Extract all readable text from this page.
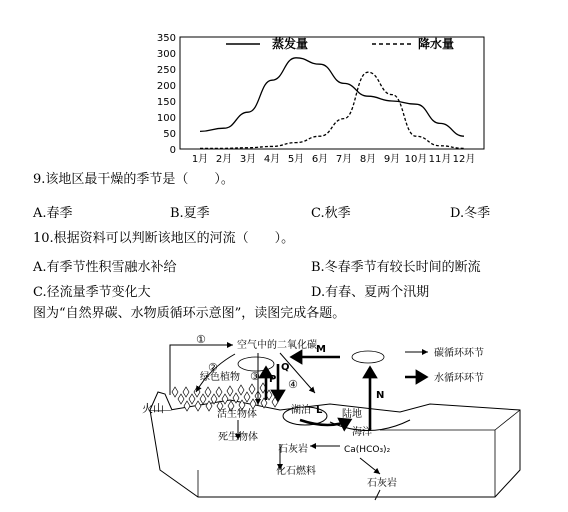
0
50
100
150
200
250
300
350
1月 2月 3月 4月 5月 6月 7月 8月 9月 10月 11月 12月
蒸发量	降水量
9.该地区最干燥的季节是（　　）。
A.春季	B.夏季	C.秋季	D.冬季
10.根据资料可以判断该地区的河流（　　）。
A.有季节性积雪融水补给	B.冬春季节有较长时间的断流
C.径流量季节变化大	D.有春、夏两个汛期
图为“自然界碳、水物质循环示意图”，读图完成各题。
火山
①
②
③
④
P
Q
M
N
L
空气中的二氧化碳
绿色植物
活生物体
死生物体
湖泊	陆地
海洋
石灰岩	Ca(HCO₃)₂
化石燃料
石灰岩
碳循环环节
水循环环节
